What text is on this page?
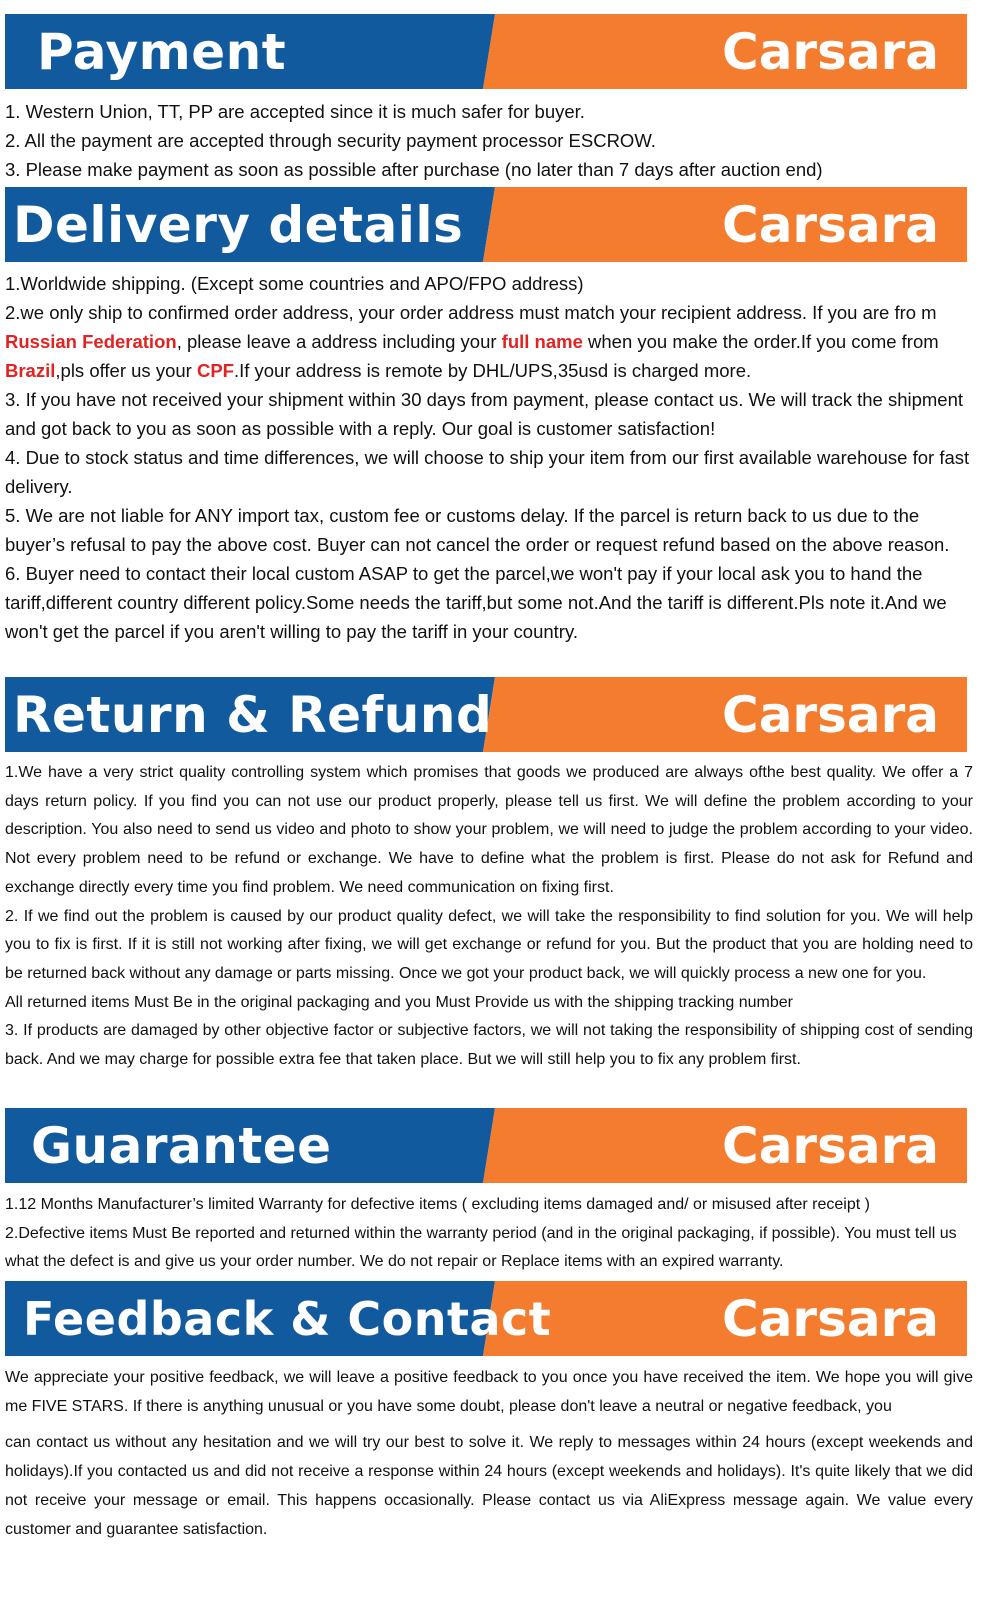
Payment	Carsara

1. Western Union, TT, PP are accepted since it is much safer for buyer.

2. All the payment are accepted through security payment processor ESCROW.

3. Please make payment as soon as possible after purchase (no later than 7 days after auction end)

Delivery details	Carsara

1.Worldwide shipping. (Except some countries and APO/FPO address)

2.we only ship to confirmed order address, your order address must match your recipient address. If you are fro m Russian Federation, please leave a address including your full name when you make the order.If you come from Brazil,pls offer us your CPF.If your address is remote by DHL/UPS,35usd is charged more.

3. If you have not received your shipment within 30 days from payment, please contact us. We will track the shipment and got back to you as soon as possible with a reply. Our goal is customer satisfaction!

4. Due to stock status and time differences, we will choose to ship your item from our first available warehouse for fast delivery.

5. We are not liable for ANY import tax, custom fee or customs delay. If the parcel is return back to us due to the buyer’s refusal to pay the above cost. Buyer can not cancel the order or request refund based on the above reason.

6. Buyer need to contact their local custom ASAP to get the parcel,we won't pay if your local ask you to hand the tariff,different country different policy.Some needs the tariff,but some not.And the tariff is different.Pls note it.And we won't get the parcel if you aren't willing to pay the tariff in your country.

Return & Refund	Carsara

1.We have a very strict quality controlling system which promises that goods we produced are always ofthe best quality. We offer a 7 days return policy. If you find you can not use our product properly, please tell us first. We will define the problem according to your description. You also need to send us video and photo to show your problem, we will need to judge the problem according to your video. Not every problem need to be refund or exchange. We have to define what the problem is first. Please do not ask for Refund and exchange directly every time you find problem. We need communication on fixing first.

2. If we find out the problem is caused by our product quality defect, we will take the responsibility to find solution for you. We will help you to fix is first. If it is still not working after fixing, we will get exchange or refund for you. But the product that you are holding need to be returned back without any damage or parts missing. Once we got your product back, we will quickly process a new one for you.

All returned items Must Be in the original packaging and you Must Provide us with the shipping tracking number

3. If products are damaged by other objective factor or subjective factors, we will not taking the responsibility of shipping cost of sending back. And we may charge for possible extra fee that taken place. But we will still help you to fix any problem first.

Guarantee	Carsara

1.12 Months Manufacturer’s limited Warranty for defective items ( excluding items damaged and/ or misused after receipt )

2.Defective items Must Be reported and returned within the warranty period (and in the original packaging, if possible). You must tell us what the defect is and give us your order number. We do not repair or Replace items with an expired warranty.

Feedback & Contact	Carsara

We appreciate your positive feedback, we will leave a positive feedback to you once you have received the item. We hope you will give me FIVE STARS. If there is anything unusual or you have some doubt, please don't leave a neutral or negative feedback, you

can contact us without any hesitation and we will try our best to solve it. We reply to messages within 24 hours (except weekends and holidays).If you contacted us and did not receive a response within 24 hours (except weekends and holidays). It's quite likely that we did not receive your message or email. This happens occasionally. Please contact us via AliExpress message again. We value every customer and guarantee satisfaction.
